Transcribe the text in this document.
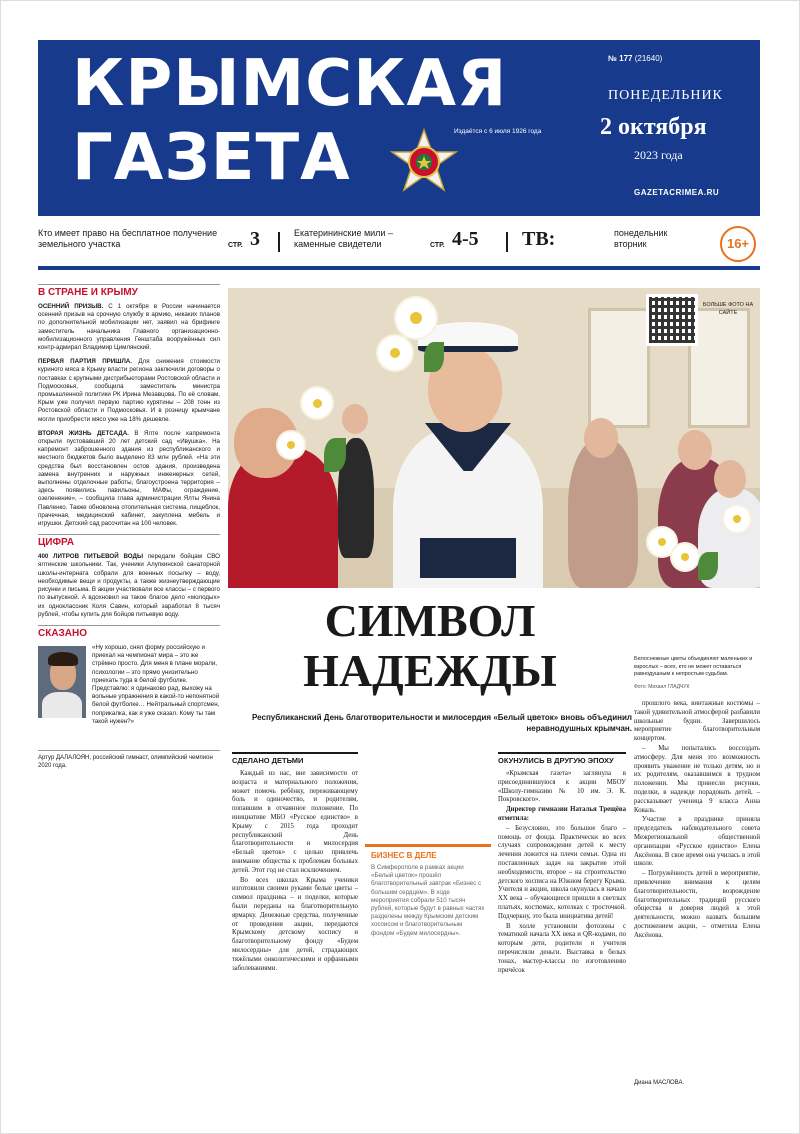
КРЫМСКАЯ
ГАЗЕТА	Издаётся с 6 июля 1926 года
№ 177 (21640)
ПОНЕДЕЛЬНИК
2 октября
2023 года
GAZETACRIMEA.RU
Кто имеет право на бесплатное получение земельного участка	СТР. 3	Екатерининские мили – каменные свидетели	СТР. 4-5 ТВ:	понедельник вторник	16+
В СТРАНЕ И КРЫМУ

ОСЕННИЙ ПРИЗЫВ. С 1 октября в России начинается осенний призыв на срочную службу в армию, никаких планов по дополнительной мобилизации нет, заявил на брифинге заместитель начальника Главного организационно-мобилизационного управления Генштаба вооружённых сил контр-адмирал Владимир Цимлянский.

ПЕРВАЯ ПАРТИЯ ПРИШЛА. Для снижения стоимости куриного мяса в Крыму власти региона заключили договоры о поставках с крупными дистрибьюторами Ростовской области и Подмосковья, сообщила заместитель министра промышленной политики РК Ирина Мезавцова. По её словам, Крым уже получил первую партию курятины – 208 тонн из Ростовской области и Подмосковья. И в розницу крымчане могли приобрести мясо уже на 18% дешевле.

ВТОРАЯ ЖИЗНЬ ДЕТСАДА. В Ялте после капремонта открыли пустовавший 20 лет детский сад «Ивушка». На капремонт заброшенного здания из республиканского и местного бюджетов было выделено 83 млн рублей. «На эти средства был восстановлен остов здания, произведена замена внутренних и наружных инженерных сетей, выполнены отделочные работы, благоустроена территория – здесь появились павильоны, МАФы, ограждение, озеленение», – сообщила глава администрации Ялты Янина Павленко. Также обновлена отопительная система, пищеблок, прачечная, медицинский кабинет, закуплена мебель и игрушки. Детский сад рассчитан на 100 человек.

ЦИФРА

400 ЛИТРОВ ПИТЬЕВОЙ ВОДЫ передали бойцам СВО ялтинские школьники. Так, ученики Алупкинской санаторной школы-интерната собрали для военных посылку – воду, необходимые вещи и продукты, а также жизнеутверждающие рисунки и письма. В акции участвовали все классы – с первого по выпускной. А вдохновил на такое благое дело «молодых» их одноклассник Коля Савин, который заработал 8 тысяч рублей, чтобы купить для бойцов питьевую воду.

СКАЗАНО
«Ну хорошо, снял форму российскую и приехал на чемпионат мира – это же стрёмно просто. Для меня в плане морали, психологии – это прямо унизительно приехать туда в белой футболке. Представлю: я одинаково рад, выхожу на вольные упражнения в какой-то непонятной белой футболке… Нейтральный спортсмен, поприкалка, как я уже сказал. Кому ты там такой нужен?»
Артур ДАЛАЛОЯН, российский гимнаст, олимпийский чемпион 2020 года.
БОЛЬШЕ ФОТО НА САЙТЕ
СИМВОЛ
НАДЕЖДЫ	Белоснежные цветы объединяют маленьких и взрослых – всех, кто не может оставаться равнодушным к непростым судьбам.
Фото: Михаил ГЛАДЧУК
Республиканский День благотворительности и милосердия «Белый цветок» вновь объединил неравнодушных крымчан.
СДЕЛАНО ДЕТЬМИ

Каждый из нас, вне зависимости от возраста и материального положения, может помочь ребёнку, переживающему боль и одиночество, и родителям, попавшим в отчаянное положение. По инициативе МБО «Русское единство» в Крыму с 2015 года проходит республиканский День благотворительности и милосердия «Белый цветок» с целью привлечь внимание общества к проблемам больных детей. Этот год не стал исключением.

Во всех школах Крыма ученики изготовили своими руками белые цветы – символ праздника – и поделки, которые были переданы на благотворительную ярмарку. Денежные средства, полученные от проведения акции, передаются Крымскому детскому хоспису и благотворительному фонду «Будем милосердны» для детей, страдающих тяжёлыми онкологическими и орфанными заболеваниями.

БИЗНЕС В ДЕЛЕ
В Симферополе в рамках акции «Белый цветок» прошёл благотворительный завтрак «Бизнес с большим сердцем». В ходе мероприятия собрали 510 тысяч рублей, которые будут в равных частях разделены между Крымским детским хосписом и благотворительным фондом «Будем милосердны».
ОКУНУЛИСЬ В ДРУГУЮ ЭПОХУ

«Крымская газета» заглянула в присоединившуюся к акции МБОУ «Школу-гимназию № 10 им. Э. К. Покровского».

Директор гимназии Наталья Трещёва отметила:

– Безусловно, это большое благо – помощь от фонда. Практически во всех случаях сопровождение детей к месту лечения ложится на плечи семьи. Одна из поставленных задач на закрытие этой необходимости, второе – на строительство детского хосписа на Южном берегу Крыма. Учителя и акции, школа окунулась в начало XX века – обучающиеся пришли в светлых платьях, костюмах, котелках с тросточкой. Подчеркну, это была инициатива детей!

В холле установили фотозоны с тематикой начала XX века и QR-кодами, по которым дети, родители и учителя перечисляли деньги. Выставка в белых тонах, мастер-классы по изготовлению причёсок

прошлого века, винтажные костюмы – такой удивительной атмосферой разбавили школьные будни. Завершилось мероприятие благотворительным концертом.

– Мы попытались воссоздать атмосферу. Для меня это возможность проявить уважение не только детям, но и их родителям, оказавшимся в трудном положении. Мы принесли рисунки, поделки, в надежде порадовать детей, – рассказывает ученица 9 класса Анна Коваль.

Участие в празднике приняла председатель наблюдательного совета Межрегиональной общественной организации «Русское единство» Елена Аксёнова. В свое время она училась в этой школе.

– Погружённость детей в мероприятие, привлечение внимания к целям благотворительности, возрождение благотворительных традиций русского общества и доверия людей к этой деятельности, можно назвать большим достижением акции, – отметила Елена Аксёнова.

Диана МАСЛОВА.
